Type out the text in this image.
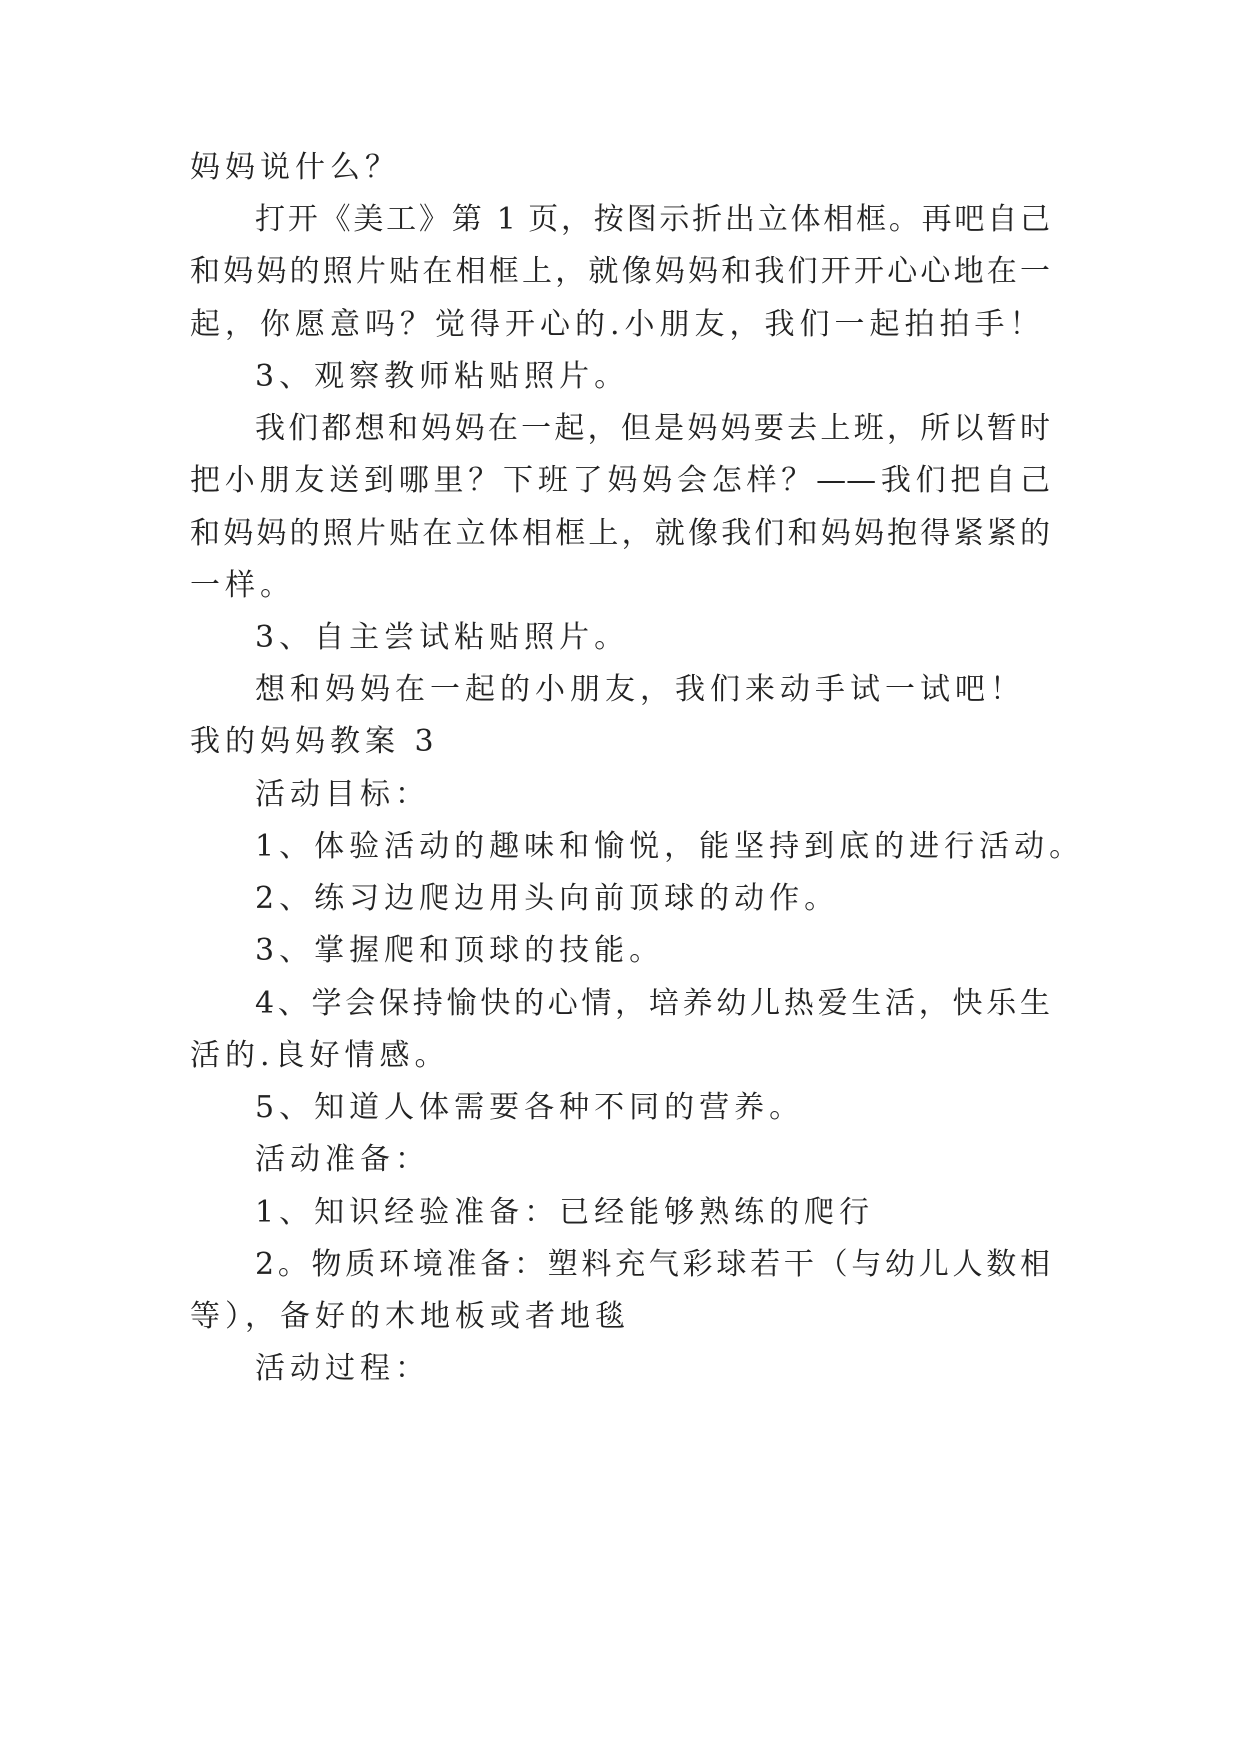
妈妈说什么？
打开《美工》第 1 页，按图示折出立体相框。再吧自己
和妈妈的照片贴在相框上，就像妈妈和我们开开心心地在一
起，你愿意吗？觉得开心的.小朋友，我们一起拍拍手！
3、观察教师粘贴照片。
我们都想和妈妈在一起，但是妈妈要去上班，所以暂时
把小朋友送到哪里？下班了妈妈会怎样？——我们把自己
和妈妈的照片贴在立体相框上，就像我们和妈妈抱得紧紧的
一样。
3、自主尝试粘贴照片。
想和妈妈在一起的小朋友，我们来动手试一试吧！
我的妈妈教案 3
活动目标：
1、体验活动的趣味和愉悦，能坚持到底的进行活动。
2、练习边爬边用头向前顶球的动作。
3、掌握爬和顶球的技能。
4、学会保持愉快的心情，培养幼儿热爱生活，快乐生
活的.良好情感。
5、知道人体需要各种不同的营养。
活动准备：
1、知识经验准备：已经能够熟练的爬行
2。物质环境准备：塑料充气彩球若干（与幼儿人数相
等），备好的木地板或者地毯
活动过程：
